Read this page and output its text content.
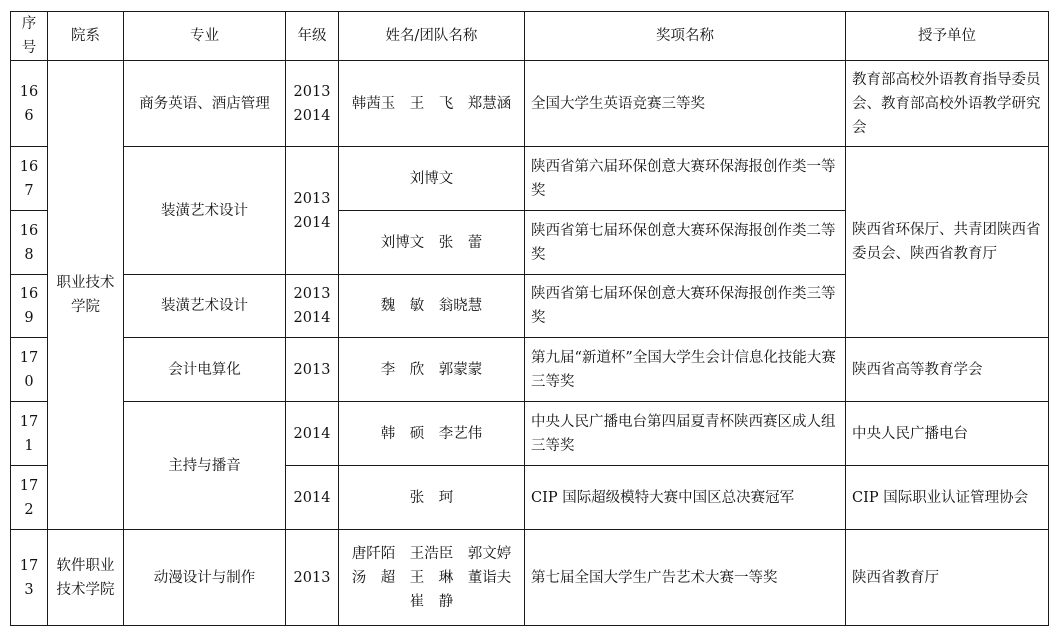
序号	院系	专业	年级	姓名/团队名称	奖项名称	授予单位
166	职业技术学院	商务英语、酒店管理	2013 2014	韩茜玉　王　飞　郑慧涵	全国大学生英语竞赛三等奖	教育部高校外语教育指导委员会、教育部高校外语教学研究会
167		装潢艺术设计	2013 2014	刘博文	陕西省第六届环保创意大赛环保海报创作类一等奖	陕西省环保厅、共青团陕西省委员会、陕西省教育厅
168				刘博文　张　蕾	陕西省第七届环保创意大赛环保海报创作类二等奖	
169		装潢艺术设计	2013 2014	魏　敏　翁晓慧	陕西省第七届环保创意大赛环保海报创作类三等奖	
170		会计电算化	2013	李　欣　郭蒙蒙	第九届“新道杯”全国大学生会计信息化技能大赛三等奖	陕西省高等教育学会
171		主持与播音	2014	韩　硕　李艺伟	中央人民广播电台第四届夏青杯陕西赛区成人组三等奖	中央人民广播电台
172			2014	张　珂	CIP 国际超级模特大赛中国区总决赛冠军	CIP 国际职业认证管理协会
173	软件职业技术学院	动漫设计与制作	2013	唐阡陌　王浩臣　郭文婷 汤　超　王　琳　董诣夫 崔　静	第七届全国大学生广告艺术大赛一等奖	陕西省教育厅
